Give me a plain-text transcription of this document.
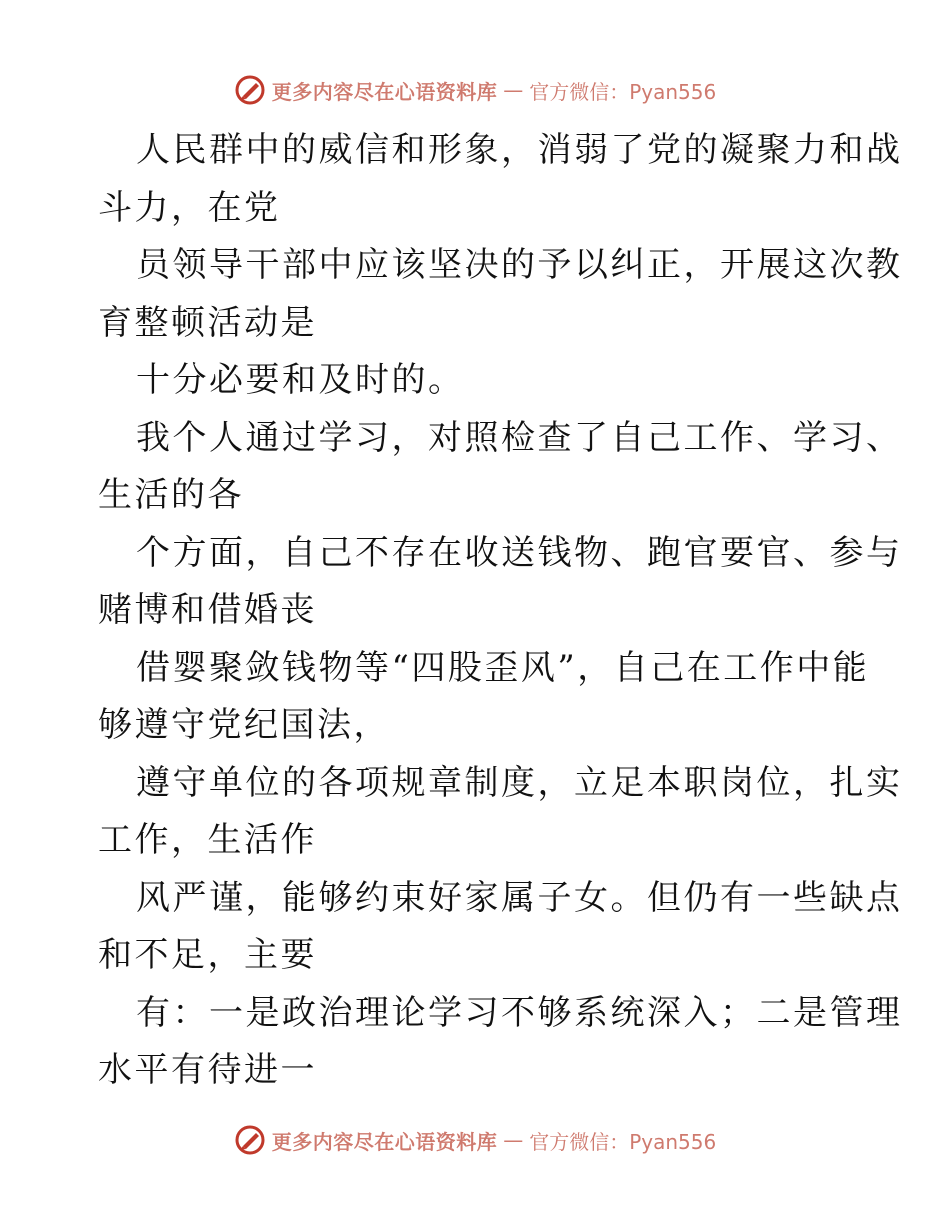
更多内容尽在心语资料库 — 官方微信：Pyan556
人民群中的威信和形象，消弱了党的凝聚力和战
斗力，在党
员领导干部中应该坚决的予以纠正，开展这次教
育整顿活动是
十分必要和及时的。
我个人通过学习，对照检查了自己工作、学习、
生活的各
个方面，自己不存在收送钱物、跑官要官、参与
赌博和借婚丧
借婴聚敛钱物等“四股歪风”，自己在工作中能
够遵守党纪国法，
遵守单位的各项规章制度，立足本职岗位，扎实
工作，生活作
风严谨，能够约束好家属子女。但仍有一些缺点
和不足，主要
有：一是政治理论学习不够系统深入；二是管理
水平有待进一
更多内容尽在心语资料库 — 官方微信：Pyan556
